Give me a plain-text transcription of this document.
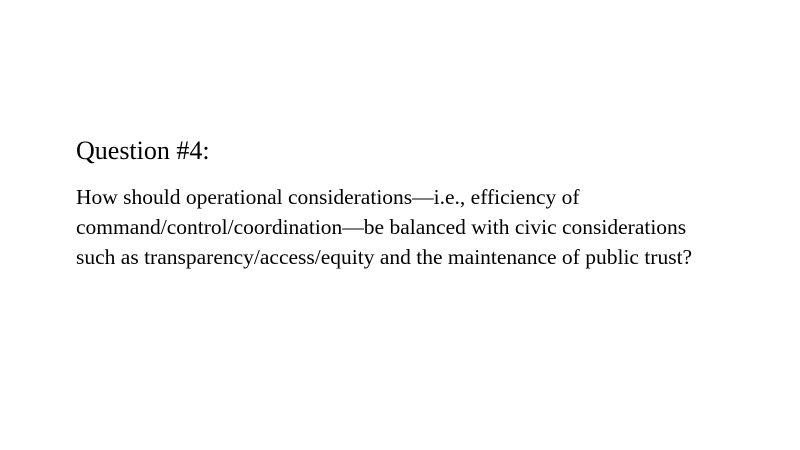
Question #4:
How should operational considerations—i.e., efficiency of
command/control/coordination—be balanced with civic considerations
such as transparency/access/equity and the maintenance of public trust?
